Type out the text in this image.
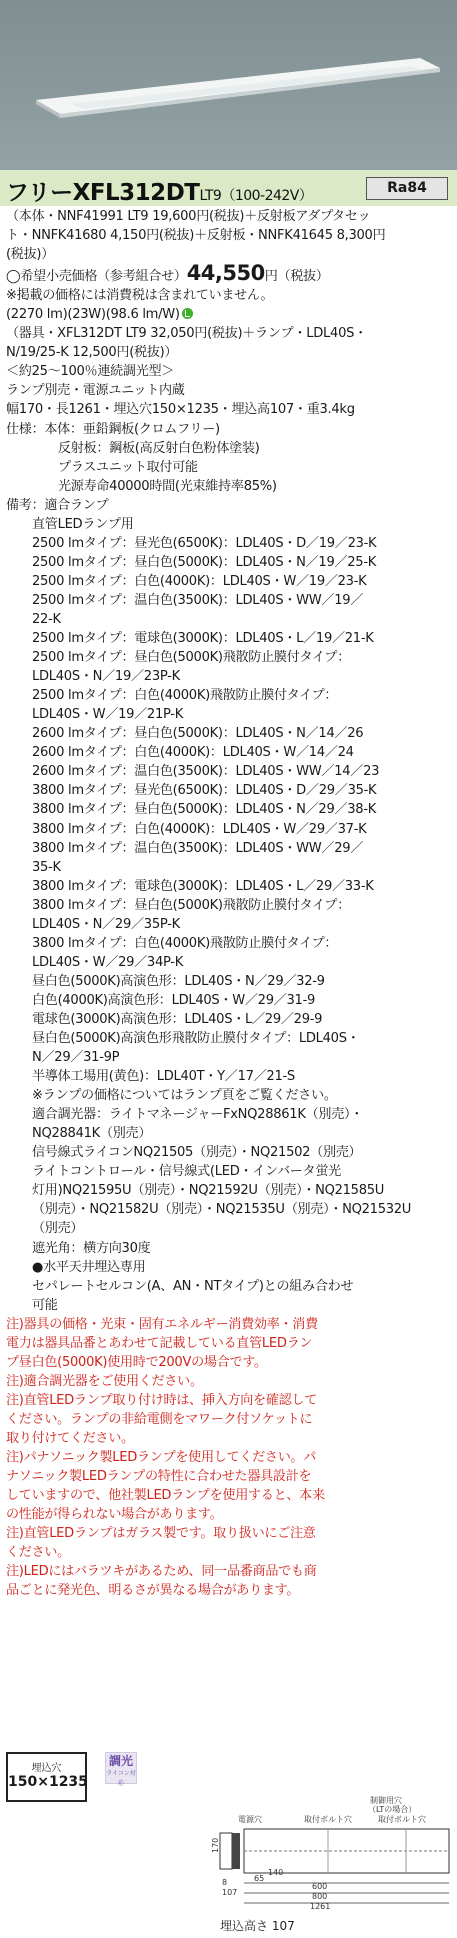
フリーXFL312DTLT9（100-242V）	Ra84

（本体・NNF41991 LT9 19,600円(税抜)＋反射板アダプタセッ

ト・NNFK41680 4,150円(税抜)＋反射板・NNFK41645 8,300円

(税抜)）

◯希望小売価格（参考組合せ）44,550円（税抜）

※掲載の価格には消費税は含まれていません。

(2270 lm)(23W)(98.6 lm/W)

（器具・XFL312DT LT9 32,050円(税抜)＋ランプ・LDL40S・

N/19/25-K 12,500円(税抜)）

＜約25～100％連続調光型＞

ランプ別売・電源ユニット内蔵

幅170・長1261・埋込穴150×1235・埋込高107・重3.4kg

仕様：本体：亜鉛鋼板(クロムフリー)

反射板：鋼板(高反射白色粉体塗装)

プラスユニット取付可能

光源寿命40000時間(光束維持率85%)

備考：適合ランプ

直管LEDランプ用

2500 lmタイプ：昼光色(6500K)：LDL40S・D／19／23-K

2500 lmタイプ：昼白色(5000K)：LDL40S・N／19／25-K

2500 lmタイプ：白色(4000K)：LDL40S・W／19／23-K

2500 lmタイプ：温白色(3500K)：LDL40S・WW／19／

22-K

2500 lmタイプ：電球色(3000K)：LDL40S・L／19／21-K

2500 lmタイプ：昼白色(5000K)飛散防止膜付タイプ：

LDL40S・N／19／23P-K

2500 lmタイプ：白色(4000K)飛散防止膜付タイプ：

LDL40S・W／19／21P-K

2600 lmタイプ：昼白色(5000K)：LDL40S・N／14／26

2600 lmタイプ：白色(4000K)：LDL40S・W／14／24

2600 lmタイプ：温白色(3500K)：LDL40S・WW／14／23

3800 lmタイプ：昼光色(6500K)：LDL40S・D／29／35-K

3800 lmタイプ：昼白色(5000K)：LDL40S・N／29／38-K

3800 lmタイプ：白色(4000K)：LDL40S・W／29／37-K

3800 lmタイプ：温白色(3500K)：LDL40S・WW／29／

35-K

3800 lmタイプ：電球色(3000K)：LDL40S・L／29／33-K

3800 lmタイプ：昼白色(5000K)飛散防止膜付タイプ：

LDL40S・N／29／35P-K

3800 lmタイプ：白色(4000K)飛散防止膜付タイプ：

LDL40S・W／29／34P-K

昼白色(5000K)高演色形：LDL40S・N／29／32-9

白色(4000K)高演色形：LDL40S・W／29／31-9

電球色(3000K)高演色形：LDL40S・L／29／29-9

昼白色(5000K)高演色形飛散防止膜付タイプ：LDL40S・

N／29／31-9P

半導体工場用(黄色)：LDL40T・Y／17／21-S

※ランプの価格についてはランプ頁をご覧ください。

適合調光器：ライトマネージャーFxNQ28861K（別売）・

NQ28841K（別売）

信号線式ライコンNQ21505（別売）・NQ21502（別売）

ライトコントロール・信号線式(LED・インバータ蛍光

灯用)NQ21595U（別売）・NQ21592U（別売）・NQ21585U

（別売）・NQ21582U（別売）・NQ21535U（別売）・NQ21532U

（別売）

遮光角：横方向30度

●水平天井埋込専用

セパレートセルコン(A、AN・NTタイプ)との組み合わせ

可能

注)器具の価格・光束・固有エネルギー消費効率・消費

電力は器具品番とあわせて記載している直管LEDラン

プ昼白色(5000K)使用時で200Vの場合です。

注)適合調光器をご使用ください。

注)直管LEDランプ取り付け時は、挿入方向を確認して

ください。ランプの非給電側をマワーク付ソケットに

取り付けてください。

注)パナソニック製LEDランプを使用してください。パ

ナソニック製LEDランプの特性に合わせた器具設計を

していますので、他社製LEDランプを使用すると、本来

の性能が得られない場合があります。

注)直管LEDランプはガラス製です。取り扱いにご注意

ください。

注)LEDにはバラツキがあるため、同一品番商品でも商

品ごとに発光色、明るさが異なる場合があります。

埋込穴
150×1235
調光
ライコン対応
制御用穴
（LTの場合）
電源穴	取付ボルト穴	取付ボルト穴
170
8
107
65
140
600
800
1261
埋込高さ 107
